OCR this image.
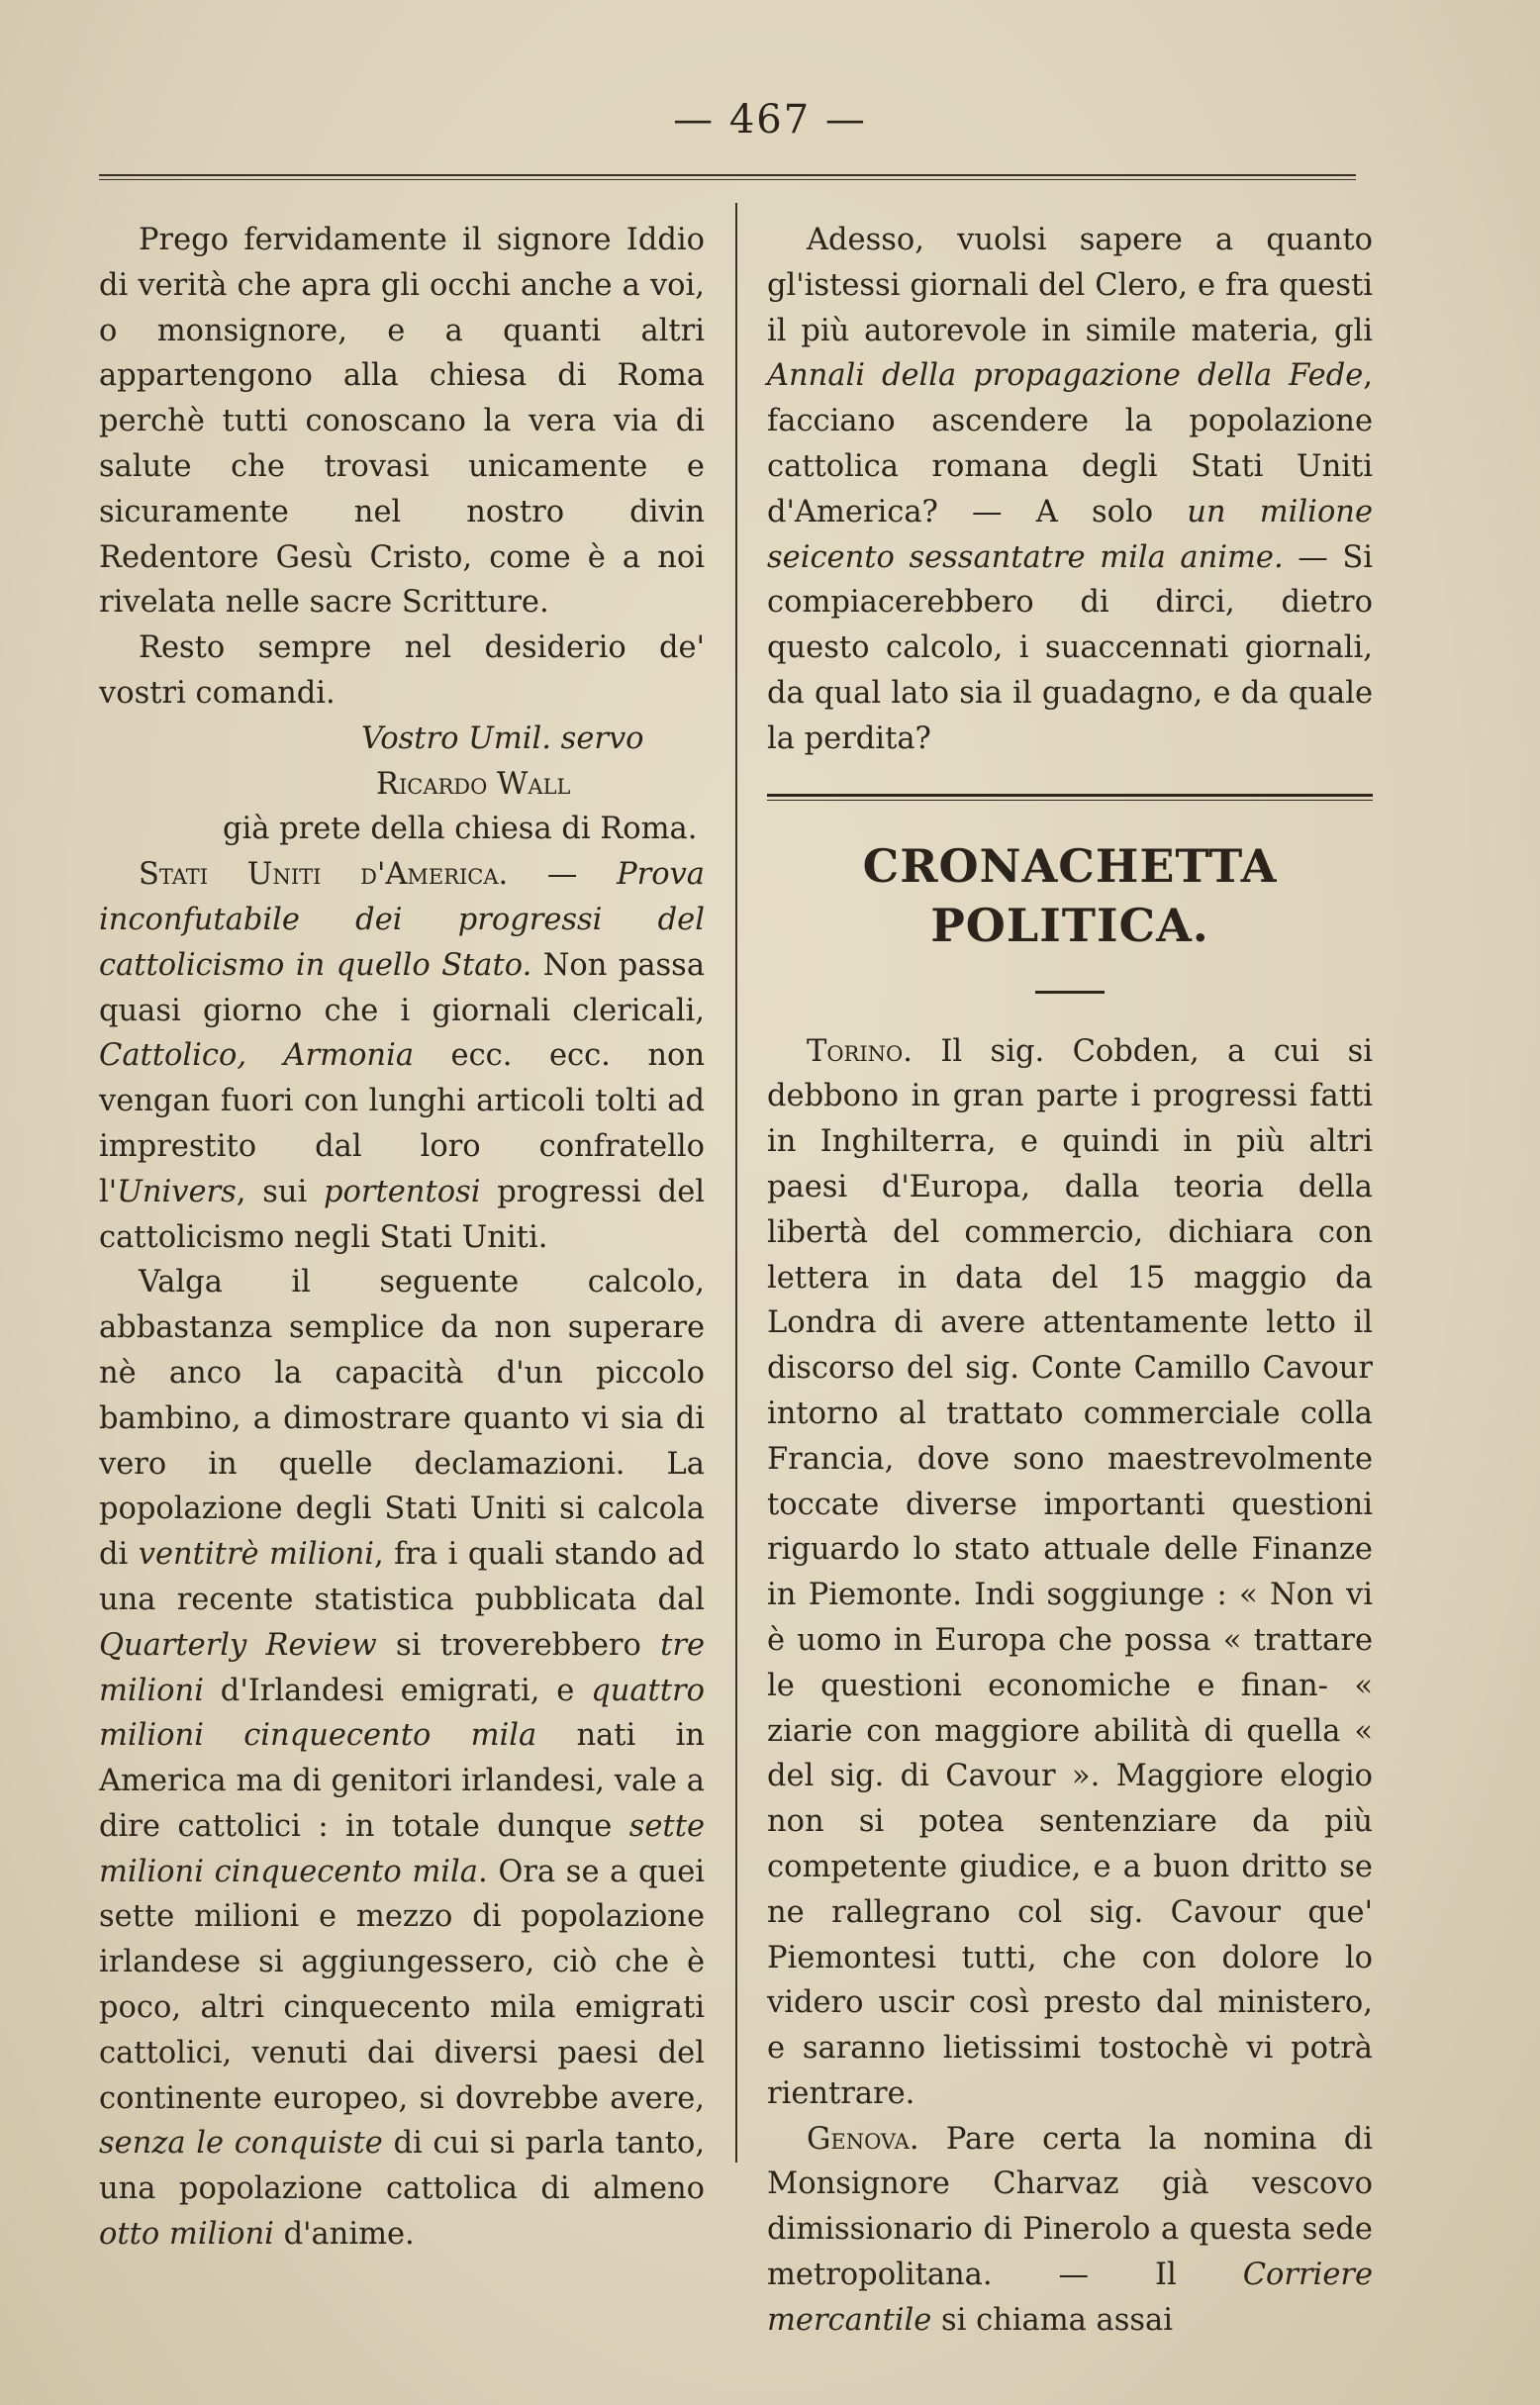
— 467 —

Prego fervidamente il signore Iddio di verità che apra gli occhi anche a voi, o monsignore, e a quanti altri appartengono alla chiesa di Roma perchè tutti conoscano la vera via di salute che trovasi unicamente e sicuramente nel nostro divin Redentore Gesù Cristo, come è a noi rivelata nelle sacre Scritture.

Resto sempre nel desiderio de' vostri comandi.

Vostro Umil. servo
Ricardo Wall
già prete della chiesa di Roma.

Stati Uniti d'America. — Prova inconfutabile dei progressi del cattolicismo in quello Stato. Non passa quasi giorno che i giornali clericali, Cattolico, Armonia ecc. ecc. non vengan fuori con lunghi articoli tolti ad imprestito dal loro confratello l'Univers, sui portentosi progressi del cattolicismo negli Stati Uniti.

Valga il seguente calcolo, abbastanza semplice da non superare nè anco la capacità d'un piccolo bambino, a dimostrare quanto vi sia di vero in quelle declamazioni. La popolazione degli Stati Uniti si calcola di ventitrè milioni, fra i quali stando ad una recente statistica pubblicata dal Quarterly Review si troverebbero tre milioni d'Irlandesi emigrati, e quattro milioni cinquecento mila nati in America ma di genitori irlandesi, vale a dire cattolici : in totale dunque sette milioni cinquecento mila. Ora se a quei sette milioni e mezzo di popolazione irlandese si aggiungessero, ciò che è poco, altri cinquecento mila emigrati cattolici, venuti dai diversi paesi del continente europeo, si dovrebbe avere, senza le conquiste di cui si parla tanto, una popolazione cattolica di almeno otto milioni d'anime.

Adesso, vuolsi sapere a quanto gl'istessi giornali del Clero, e fra questi il più autorevole in simile materia, gli Annali della propagazione della Fede, facciano ascendere la popolazione cattolica romana degli Stati Uniti d'America? — A solo un milione seicento sessantatre mila anime. — Si compiacerebbero di dirci, dietro questo calcolo, i suaccennati giornali, da qual lato sia il guadagno, e da quale la perdita?

CRONACHETTA POLITICA.

Torino. Il sig. Cobden, a cui si debbono in gran parte i progressi fatti in Inghilterra, e quindi in più altri paesi d'Europa, dalla teoria della libertà del commercio, dichiara con lettera in data del 15 maggio da Londra di avere attentamente letto il discorso del sig. Conte Camillo Cavour intorno al trattato commerciale colla Francia, dove sono maestrevolmente toccate diverse importanti questioni riguardo lo stato attuale delle Finanze in Piemonte. Indi soggiunge : « Non vi è uomo in Europa che possa « trattare le questioni economiche e finan- « ziarie con maggiore abilità di quella « del sig. di Cavour ». Maggiore elogio non si potea sentenziare da più competente giudice, e a buon dritto se ne rallegrano col sig. Cavour que' Piemontesi tutti, che con dolore lo videro uscir così presto dal ministero, e saranno lietissimi tostochè vi potrà rientrare.

Genova. Pare certa la nomina di Monsignore Charvaz già vescovo dimissionario di Pinerolo a questa sede metropolitana. — Il Corriere mercantile si chiama assai
